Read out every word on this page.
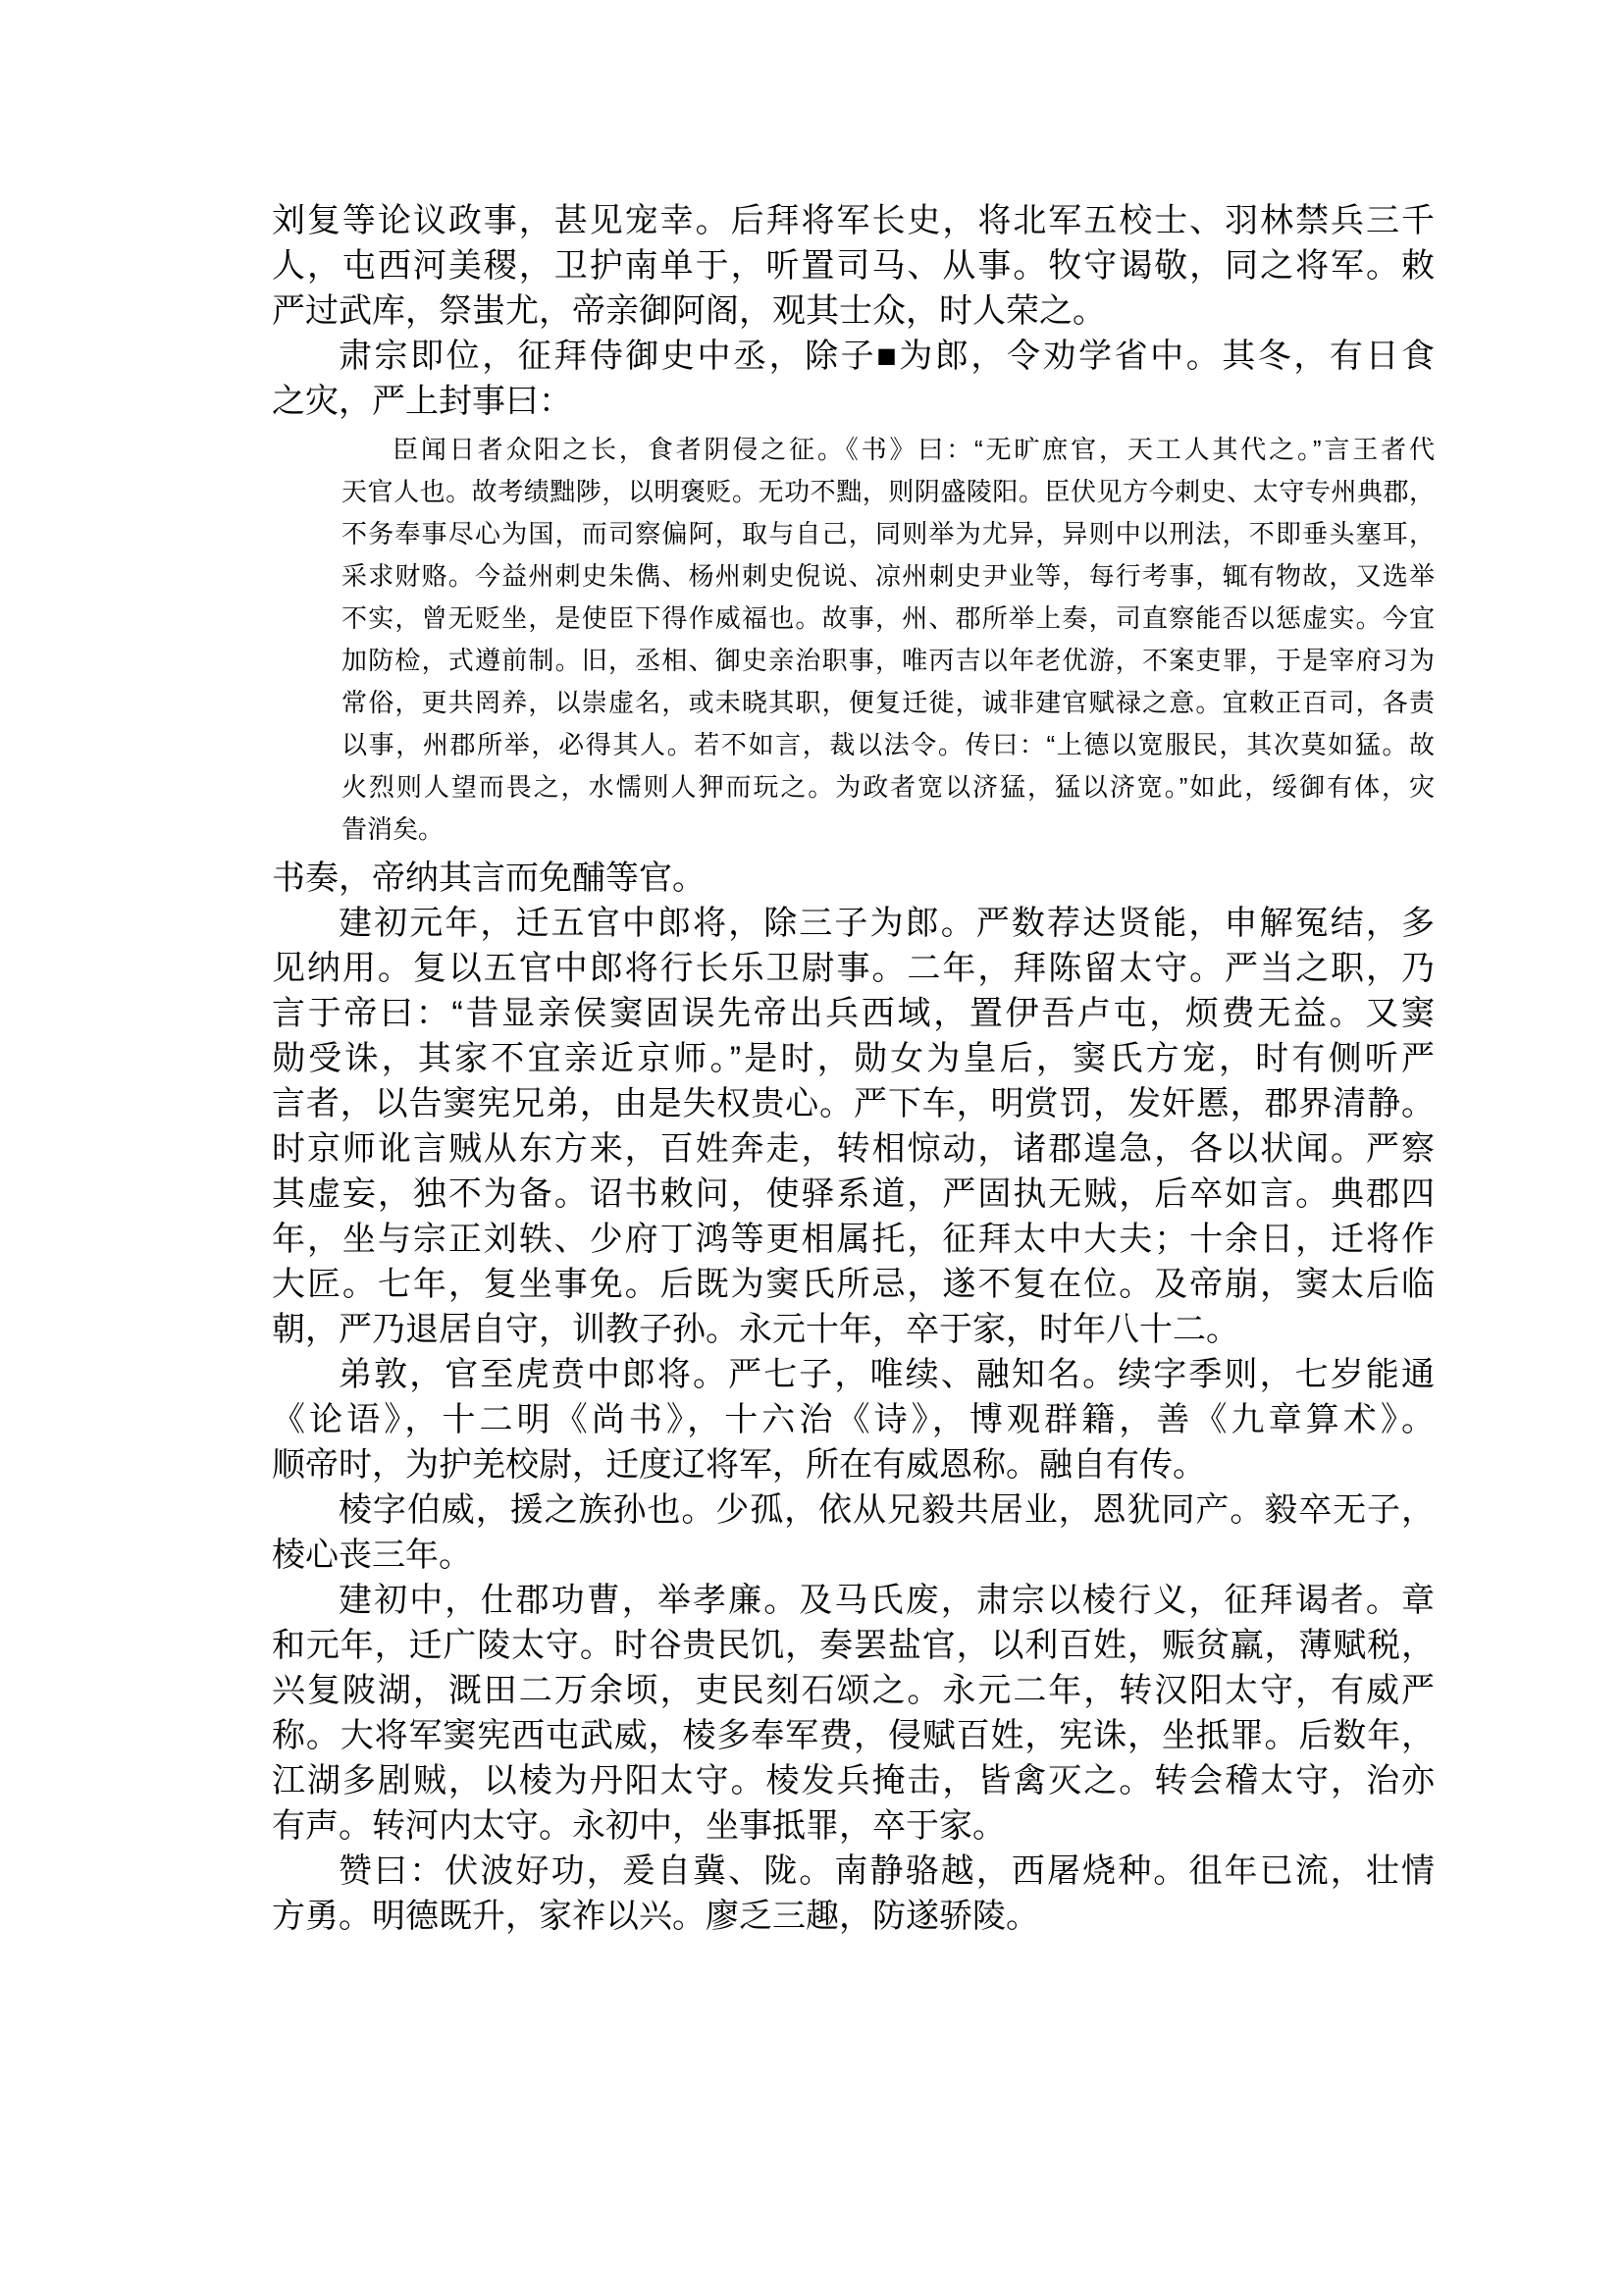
刘复等论议政事，甚见宠幸。后拜将军长史，将北军五校士、羽林禁兵三千
人，屯西河美稷，卫护南单于，听置司马、从事。牧守谒敬，同之将军。敕
严过武库，祭蚩尤，帝亲御阿阁，观其士众，时人荣之。
肃宗即位，征拜侍御史中丞，除子■为郎，令劝学省中。其冬，有日食
之灾，严上封事曰：
臣闻日者众阳之长，食者阴侵之征。《书》曰：“无旷庶官，天工人其代之。”言王者代
天官人也。故考绩黜陟，以明褒贬。无功不黜，则阴盛陵阳。臣伏见方今刺史、太守专州典郡，
不务奉事尽心为国，而司察偏阿，取与自己，同则举为尤异，异则中以刑法，不即垂头塞耳，
采求财赂。今益州刺史朱儁、杨州刺史倪说、凉州刺史尹业等，每行考事，辄有物故，又选举
不实，曾无贬坐，是使臣下得作威福也。故事，州、郡所举上奏，司直察能否以惩虚实。今宜
加防检，式遵前制。旧，丞相、御史亲治职事，唯丙吉以年老优游，不案吏罪，于是宰府习为
常俗，更共罔养，以崇虚名，或未晓其职，便复迁徙，诚非建官赋禄之意。宜敕正百司，各责
以事，州郡所举，必得其人。若不如言，裁以法令。传曰：“上德以宽服民，其次莫如猛。故
火烈则人望而畏之，水懦则人狎而玩之。为政者宽以济猛，猛以济宽。”如此，绥御有体，灾
眚消矣。
书奏，帝纳其言而免酺等官。
建初元年，迁五官中郎将，除三子为郎。严数荐达贤能，申解冤结，多
见纳用。复以五官中郎将行长乐卫尉事。二年，拜陈留太守。严当之职，乃
言于帝曰：“昔显亲侯窦固误先帝出兵西域，置伊吾卢屯，烦费无益。又窦
勋受诛，其家不宜亲近京师。”是时，勋女为皇后，窦氏方宠，时有侧听严
言者，以告窦宪兄弟，由是失权贵心。严下车，明赏罚，发奸慝，郡界清静。
时京师讹言贼从东方来，百姓奔走，转相惊动，诸郡遑急，各以状闻。严察
其虚妄，独不为备。诏书敕问，使驿系道，严固执无贼，后卒如言。典郡四
年，坐与宗正刘轶、少府丁鸿等更相属托，征拜太中大夫；十余日，迁将作
大匠。七年，复坐事免。后既为窦氏所忌，遂不复在位。及帝崩，窦太后临
朝，严乃退居自守，训教子孙。永元十年，卒于家，时年八十二。
弟敦，官至虎贲中郎将。严七子，唯续、融知名。续字季则，七岁能通
《论语》，十二明《尚书》，十六治《诗》，博观群籍，善《九章算术》。
顺帝时，为护羌校尉，迁度辽将军，所在有威恩称。融自有传。
棱字伯威，援之族孙也。少孤，依从兄毅共居业，恩犹同产。毅卒无子，
棱心丧三年。
建初中，仕郡功曹，举孝廉。及马氏废，肃宗以棱行义，征拜谒者。章
和元年，迁广陵太守。时谷贵民饥，奏罢盐官，以利百姓，赈贫羸，薄赋税，
兴复陂湖，溉田二万余顷，吏民刻石颂之。永元二年，转汉阳太守，有威严
称。大将军窦宪西屯武威，棱多奉军费，侵赋百姓，宪诛，坐抵罪。后数年，
江湖多剧贼，以棱为丹阳太守。棱发兵掩击，皆禽灭之。转会稽太守，治亦
有声。转河内太守。永初中，坐事抵罪，卒于家。
赞曰：伏波好功，爰自冀、陇。南静骆越，西屠烧种。徂年已流，壮情
方勇。明德既升，家祚以兴。廖乏三趣，防遂骄陵。
